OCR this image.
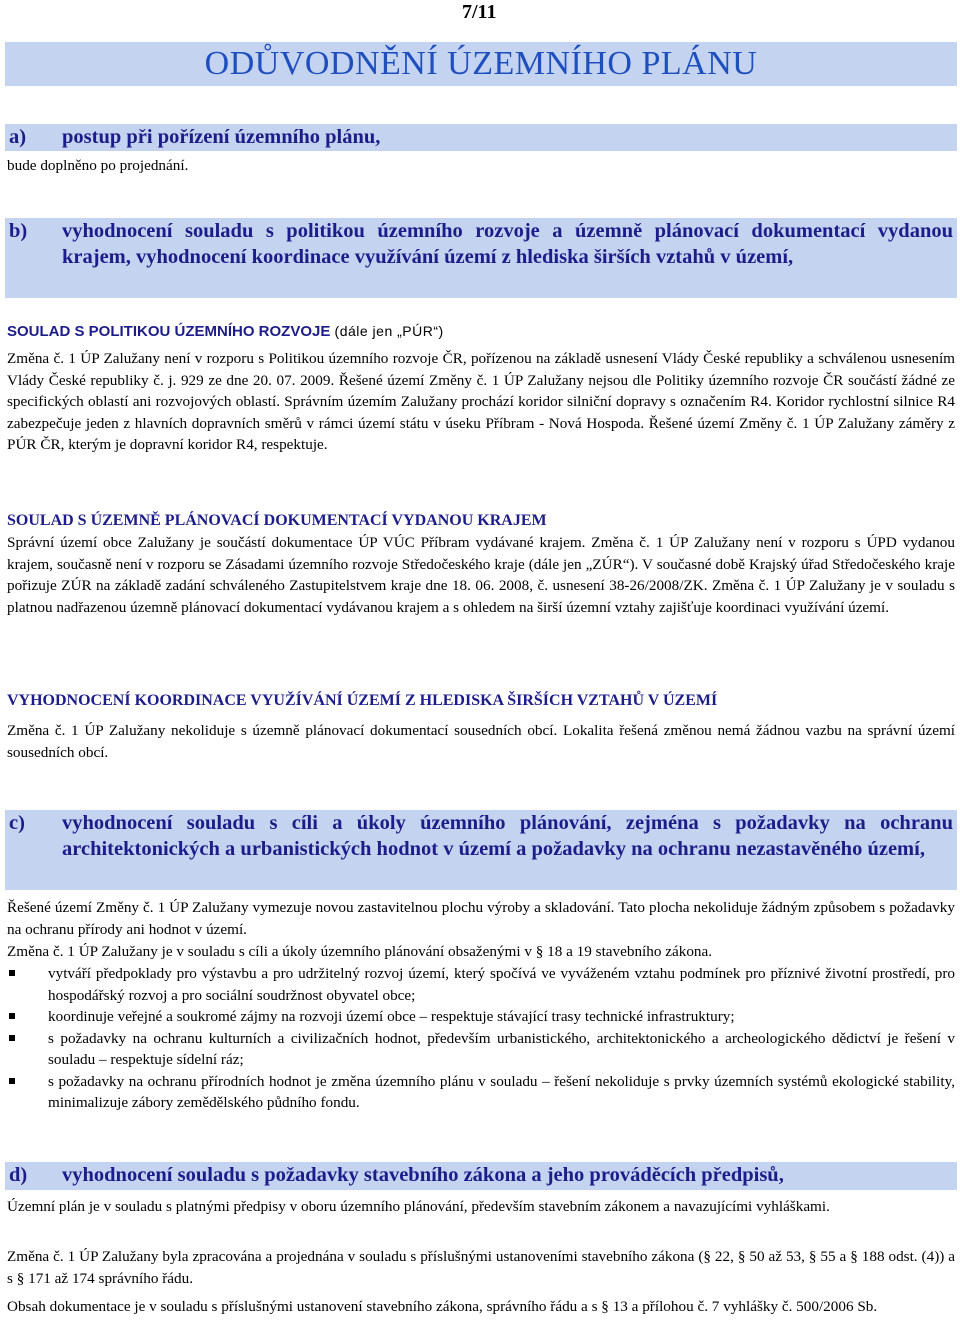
7/11
ODŮVODNĚNÍ ÚZEMNÍHO PLÁNU
a) postup při pořízení územního plánu,

bude doplněno po projednání.

b) vyhodnocení souladu s politikou územního rozvoje a územně plánovací dokumentací vydanou krajem, vyhodnocení koordinace využívání území z hlediska širších vztahů v území,
SOULAD S POLITIKOU ÚZEMNÍHO ROZVOJE (dále jen „PÚR“)

Změna č. 1 ÚP Zalužany není v rozporu s Politikou územního rozvoje ČR, pořízenou na základě usnesení Vlády České republiky a schválenou usnesením Vlády České republiky č. j. 929 ze dne 20. 07. 2009. Řešené území Změny č. 1 ÚP Zalužany nejsou dle Politiky územního rozvoje ČR součástí žádné ze specifických oblastí ani rozvojových oblastí. Správním územím Zalužany prochází koridor silniční dopravy s označením R4. Koridor rychlostní silnice R4 zabezpečuje jeden z hlavních dopravních směrů v rámci území státu v úseku Příbram - Nová Hospoda. Řešené území Změny č. 1 ÚP Zalužany záměry z PÚR ČR, kterým je dopravní koridor R4, respektuje.

SOULAD S ÚZEMNĚ PLÁNOVACÍ DOKUMENTACÍ VYDANOU KRAJEM

Správní území obce Zalužany je součástí dokumentace ÚP VÚC Příbram vydávané krajem. Změna č. 1 ÚP Zalužany není v rozporu s ÚPD vydanou krajem, současně není v rozporu se Zásadami územního rozvoje Středočeského kraje (dále jen „ZÚR“). V současné době Krajský úřad Středočeského kraje pořizuje ZÚR na základě zadání schváleného Zastupitelstvem kraje dne 18. 06. 2008, č. usnesení 38-26/2008/ZK. Změna č. 1 ÚP Zalužany je v souladu s platnou nadřazenou územně plánovací dokumentací vydávanou krajem a s ohledem na širší územní vztahy zajišťuje koordinaci využívání území.

VYHODNOCENÍ KOORDINACE VYUŽÍVÁNÍ ÚZEMÍ Z HLEDISKA ŠIRŠÍCH VZTAHŮ V ÚZEMÍ

Změna č. 1 ÚP Zalužany nekoliduje s územně plánovací dokumentací sousedních obcí. Lokalita řešená změnou nemá žádnou vazbu na správní území sousedních obcí.

c) vyhodnocení souladu s cíli a úkoly územního plánování, zejména s požadavky na ochranu architektonických a urbanistických hodnot v území a požadavky na ochranu nezastavěného území,

Řešené území Změny č. 1 ÚP Zalužany vymezuje novou zastavitelnou plochu výroby a skladování. Tato plocha nekoliduje žádným způsobem s požadavky na ochranu přírody ani hodnot v území.

Změna č. 1 ÚP Zalužany je v souladu s cíli a úkoly územního plánování obsaženými v § 18 a 19 stavebního zákona.

vytváří předpoklady pro výstavbu a pro udržitelný rozvoj území, který spočívá ve vyváženém vztahu podmínek pro příznivé životní prostředí, pro hospodářský rozvoj a pro sociální soudržnost obyvatel obce;
koordinuje veřejné a soukromé zájmy na rozvoji území obce – respektuje stávající trasy technické infrastruktury;
s požadavky na ochranu kulturních a civilizačních hodnot, především urbanistického, architektonického a archeologického dědictví je řešení v souladu – respektuje sídelní ráz;
s požadavky na ochranu přírodních hodnot je změna územního plánu v souladu – řešení nekoliduje s prvky územních systémů ekologické stability, minimalizuje zábory zemědělského půdního fondu.
d) vyhodnocení souladu s požadavky stavebního zákona a jeho prováděcích předpisů,

Územní plán je v souladu s platnými předpisy v oboru územního plánování, především stavebním zákonem a navazujícími vyhláškami.

Změna č. 1 ÚP Zalužany byla zpracována a projednána v souladu s příslušnými ustanoveními stavebního zákona (§ 22, § 50 až 53, § 55 a § 188 odst. (4)) a s § 171 až 174 správního řádu.

Obsah dokumentace je v souladu s příslušnými ustanovení stavebního zákona, správního řádu a s § 13 a přílohou č. 7 vyhlášky č. 500/2006 Sb.
